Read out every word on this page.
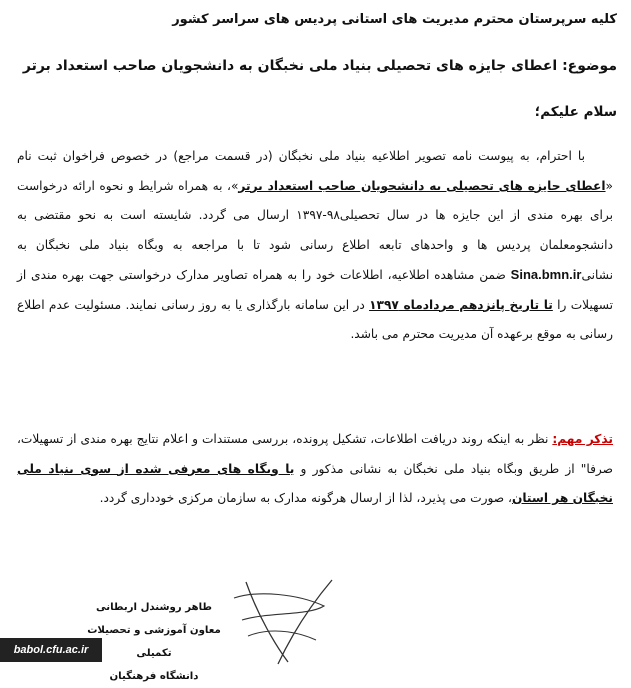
کلیه سرپرستان محترم مدیریت های استانی پردیس های سراسر کشور
موضوع: اعطای جایزه های تحصیلی بنیاد ملی نخبگان به دانشجویان صاحب استعداد برتر
سلام علیکم؛
با احترام، به پیوست نامه تصویر اطلاعیه بنیاد ملی نخبگان (در قسمت مراجع) در خصوص فراخوان ثبت نام «اعطای جایزه های تحصیلی به دانشجویان صاحب استعداد برتر»، به همراه شرایط و نحوه ارائه درخواست برای بهره مندی از این جایزه ها در سال تحصیلی۹۸-۱۳۹۷ ارسال می گردد. شایسته است به نحو مقتضی به دانشجومعلمان پردیس ها و واحدهای تابعه اطلاع رسانی شود تا با مراجعه به وبگاه بنیاد ملی نخبگان به نشانیSina.bmn.ir ضمن مشاهده اطلاعیه، اطلاعات خود را به همراه تصاویر مدارک درخواستی جهت بهره مندی از تسهیلات را تا تاریخ پانزدهم مردادماه ۱۳۹۷ در این سامانه بارگذاری یا به روز رسانی نمایند. مسئولیت عدم اطلاع رسانی به موقع برعهده آن مدیریت محترم می باشد.
تذکر مهم: نظر به اینکه روند دریافت اطلاعات، تشکیل پرونده، بررسی مستندات و اعلام نتایج بهره مندی از تسهیلات، صرفا" از طریق وبگاه بنیاد ملی نخبگان به نشانی مذکور و یا وبگاه های معرفی شده از سوی بنیاد ملی نخبگان هر استان، صورت می پذیرد، لذا از ارسال هرگونه مدارک به سازمان مرکزی خودداری گردد.
طاهر روشندل اربطانی
معاون آموزشی و تحصیلات تکمیلی
دانشگاه فرهنگیان
babol.cfu.ac.ir
